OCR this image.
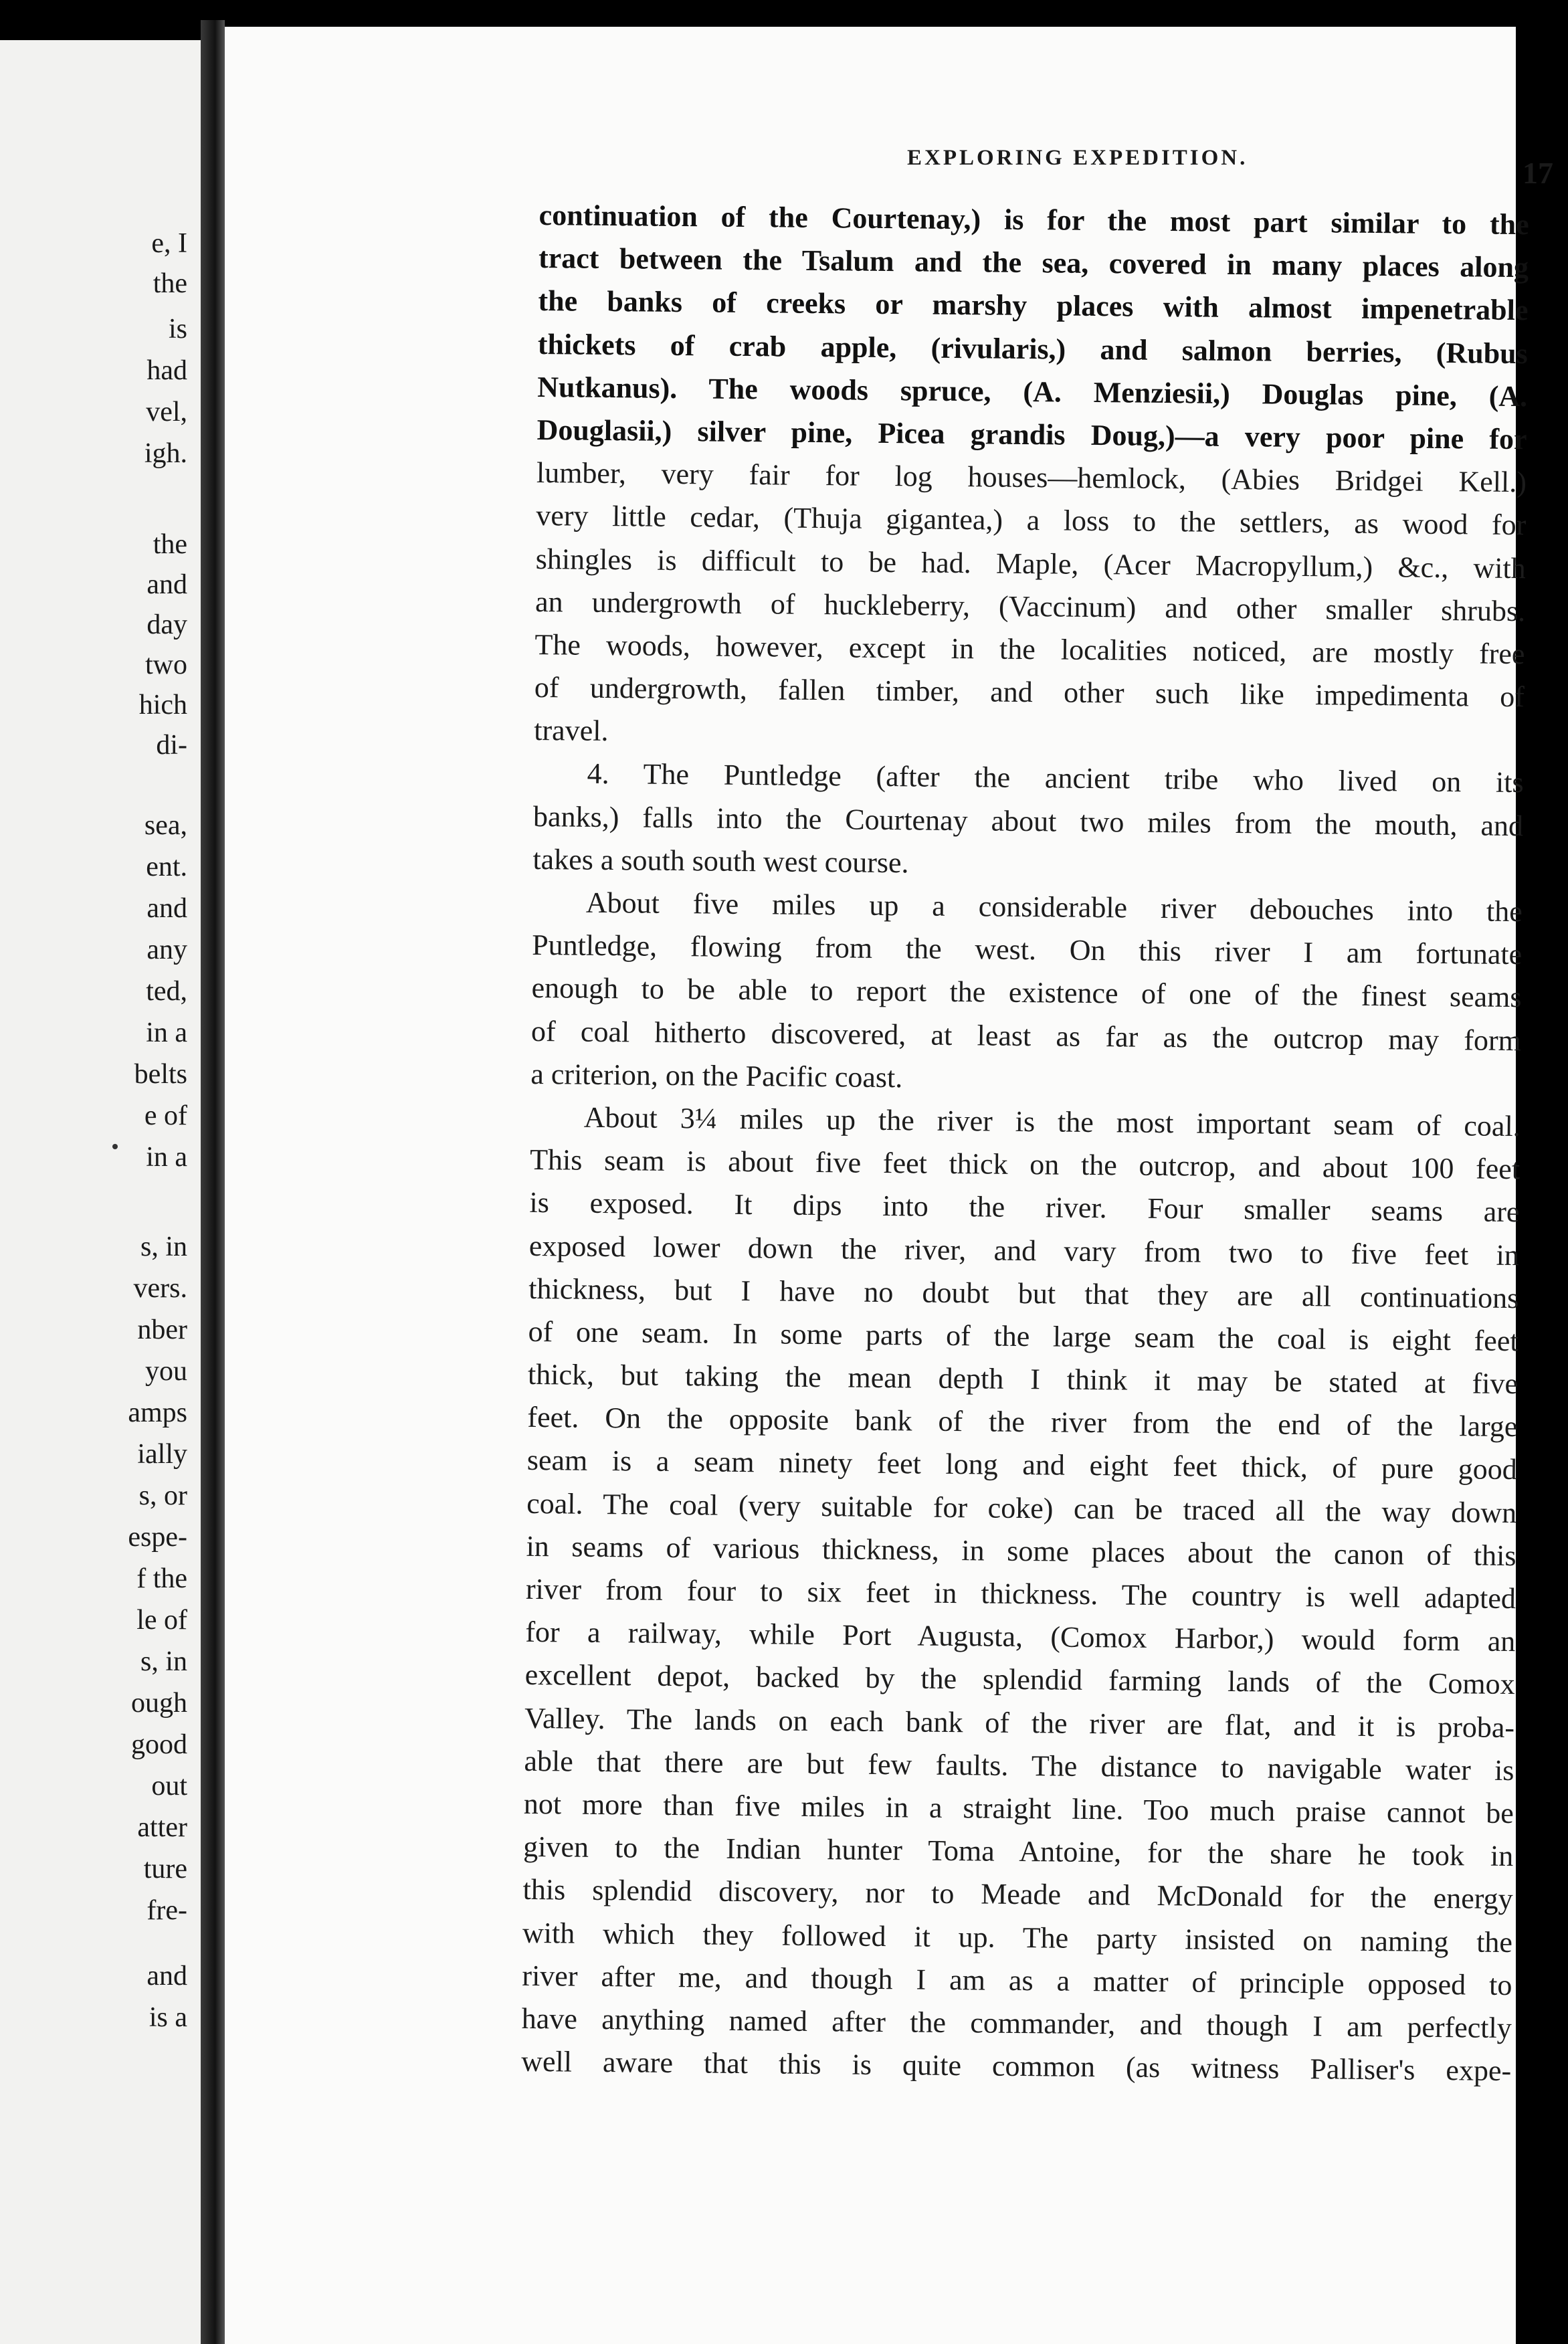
e, I
the
is
had
vel,
igh.
the
and
day
two
hich
di-
sea,
ent.
and
any
ted,
in a
belts
e of
in a
s, in
vers.
nber
you
amps
ially
s, or
espe-
f the
le of
s, in
ough
good
out
atter
ture
fre-
and
is a
EXPLORING EXPEDITION.	17
continuation of the Courtenay,) is for the most part similar to the
tract between the Tsalum and the sea, covered in many places along
the banks of creeks or marshy places with almost impenetrable
thickets of crab apple, (rivularis,) and salmon berries, (Rubus
Nutkanus). The woods spruce, (A. Menziesii,) Douglas pine, (A.
Douglasii,) silver pine, Picea grandis Doug,)—a very poor pine for
lumber, very fair for log houses—hemlock, (Abies Bridgei Kell.)
very little cedar, (Thuja gigantea,) a loss to the settlers, as wood for
shingles is difficult to be had. Maple, (Acer Macropyllum,) &c., with
an undergrowth of huckleberry, (Vaccinum) and other smaller shrubs.
The woods, however, except in the localities noticed, are mostly free
of undergrowth, fallen timber, and other such like impedimenta of
travel.
4. The Puntledge (after the ancient tribe who lived on its
banks,) falls into the Courtenay about two miles from the mouth, and
takes a south south west course.
About five miles up a considerable river debouches into the
Puntledge, flowing from the west. On this river I am fortunate
enough to be able to report the existence of one of the finest seams
of coal hitherto discovered, at least as far as the outcrop may form
a criterion, on the Pacific coast.
About 3¼ miles up the river is the most important seam of coal.
This seam is about five feet thick on the outcrop, and about 100 feet
is exposed. It dips into the river. Four smaller seams are
exposed lower down the river, and vary from two to five feet in
thickness, but I have no doubt but that they are all continuations
of one seam. In some parts of the large seam the coal is eight feet
thick, but taking the mean depth I think it may be stated at five
feet. On the opposite bank of the river from the end of the large
seam is a seam ninety feet long and eight feet thick, of pure good
coal. The coal (very suitable for coke) can be traced all the way down
in seams of various thickness, in some places about the canon of this
river from four to six feet in thickness. The country is well adapted
for a railway, while Port Augusta, (Comox Harbor,) would form an
excellent depot, backed by the splendid farming lands of the Comox
Valley. The lands on each bank of the river are flat, and it is proba-
able that there are but few faults. The distance to navigable water is
not more than five miles in a straight line. Too much praise cannot be
given to the Indian hunter Toma Antoine, for the share he took in
this splendid discovery, nor to Meade and McDonald for the energy
with which they followed it up. The party insisted on naming the
river after me, and though I am as a matter of principle opposed to
have anything named after the commander, and though I am perfectly
well aware that this is quite common (as witness Palliser's expe-
